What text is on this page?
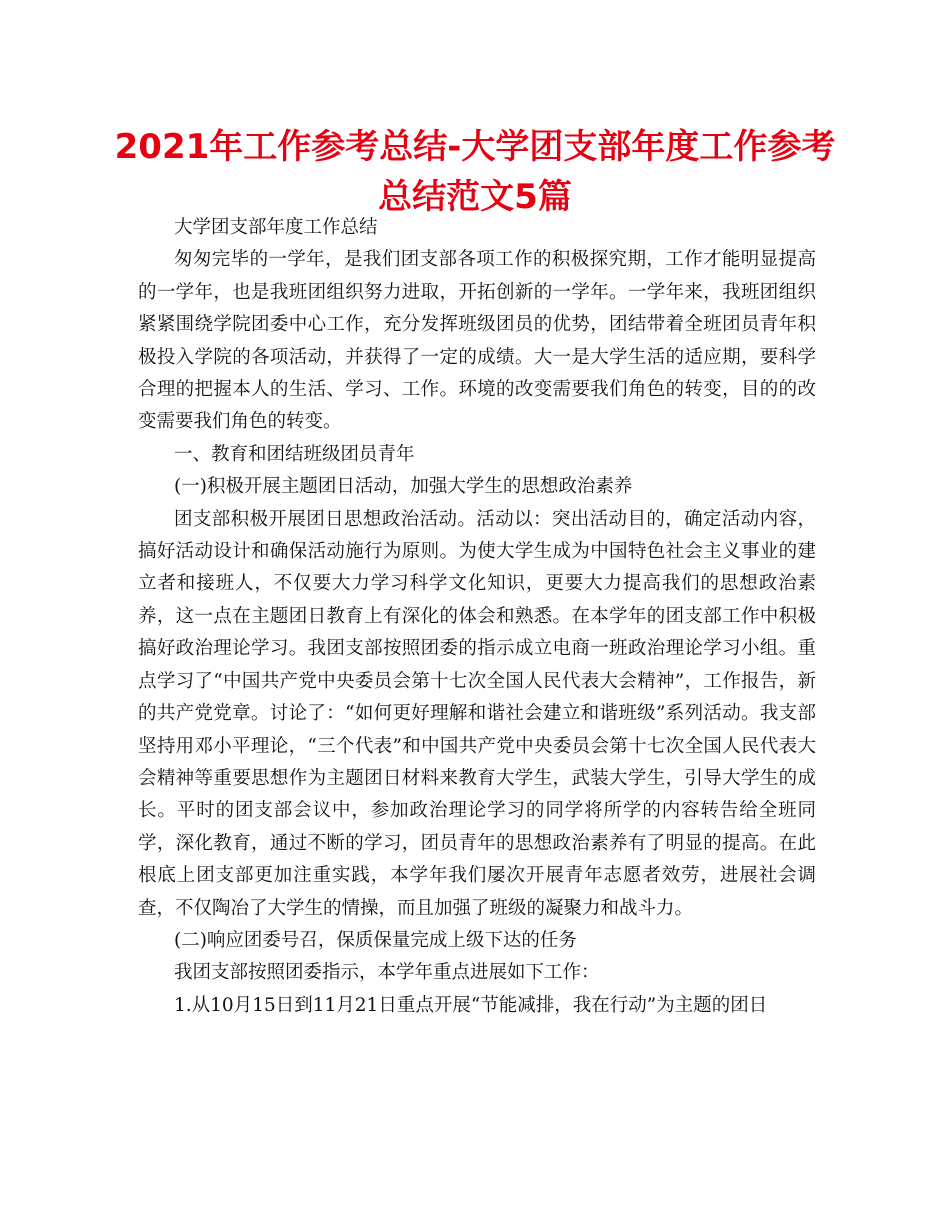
2021年工作参考总结-大学团支部年度工作参考总结范文5篇

大学团支部年度工作总结

匆匆完毕的一学年，是我们团支部各项工作的积极探究期，工作才能明显提高的一学年，也是我班团组织努力进取，开拓创新的一学年。一学年来，我班团组织紧紧围绕学院团委中心工作，充分发挥班级团员的优势，团结带着全班团员青年积极投入学院的各项活动，并获得了一定的成绩。大一是大学生活的适应期，要科学合理的把握本人的生活、学习、工作。环境的改变需要我们角色的转变，目的的改变需要我们角色的转变。

一、教育和团结班级团员青年

(一)积极开展主题团日活动，加强大学生的思想政治素养

团支部积极开展团日思想政治活动。活动以：突出活动目的，确定活动内容，搞好活动设计和确保活动施行为原则。为使大学生成为中国特色社会主义事业的建立者和接班人，不仅要大力学习科学文化知识，更要大力提高我们的思想政治素养，这一点在主题团日教育上有深化的体会和熟悉。在本学年的团支部工作中积极搞好政治理论学习。我团支部按照团委的指示成立电商一班政治理论学习小组。重点学习了“中国共产党中央委员会第十七次全国人民代表大会精神”，工作报告，新的共产党党章。讨论了：“如何更好理解和谐社会建立和谐班级”系列活动。我支部坚持用邓小平理论，“三个代表”和中国共产党中央委员会第十七次全国人民代表大会精神等重要思想作为主题团日材料来教育大学生，武装大学生，引导大学生的成长。平时的团支部会议中，参加政治理论学习的同学将所学的内容转告给全班同学，深化教育，通过不断的学习，团员青年的思想政治素养有了明显的提高。在此根底上团支部更加注重实践，本学年我们屡次开展青年志愿者效劳，进展社会调查，不仅陶冶了大学生的情操，而且加强了班级的凝聚力和战斗力。

(二)响应团委号召，保质保量完成上级下达的任务

我团支部按照团委指示，本学年重点进展如下工作：

1.从10月15日到11月21日重点开展“节能减排，我在行动”为主题的团日
